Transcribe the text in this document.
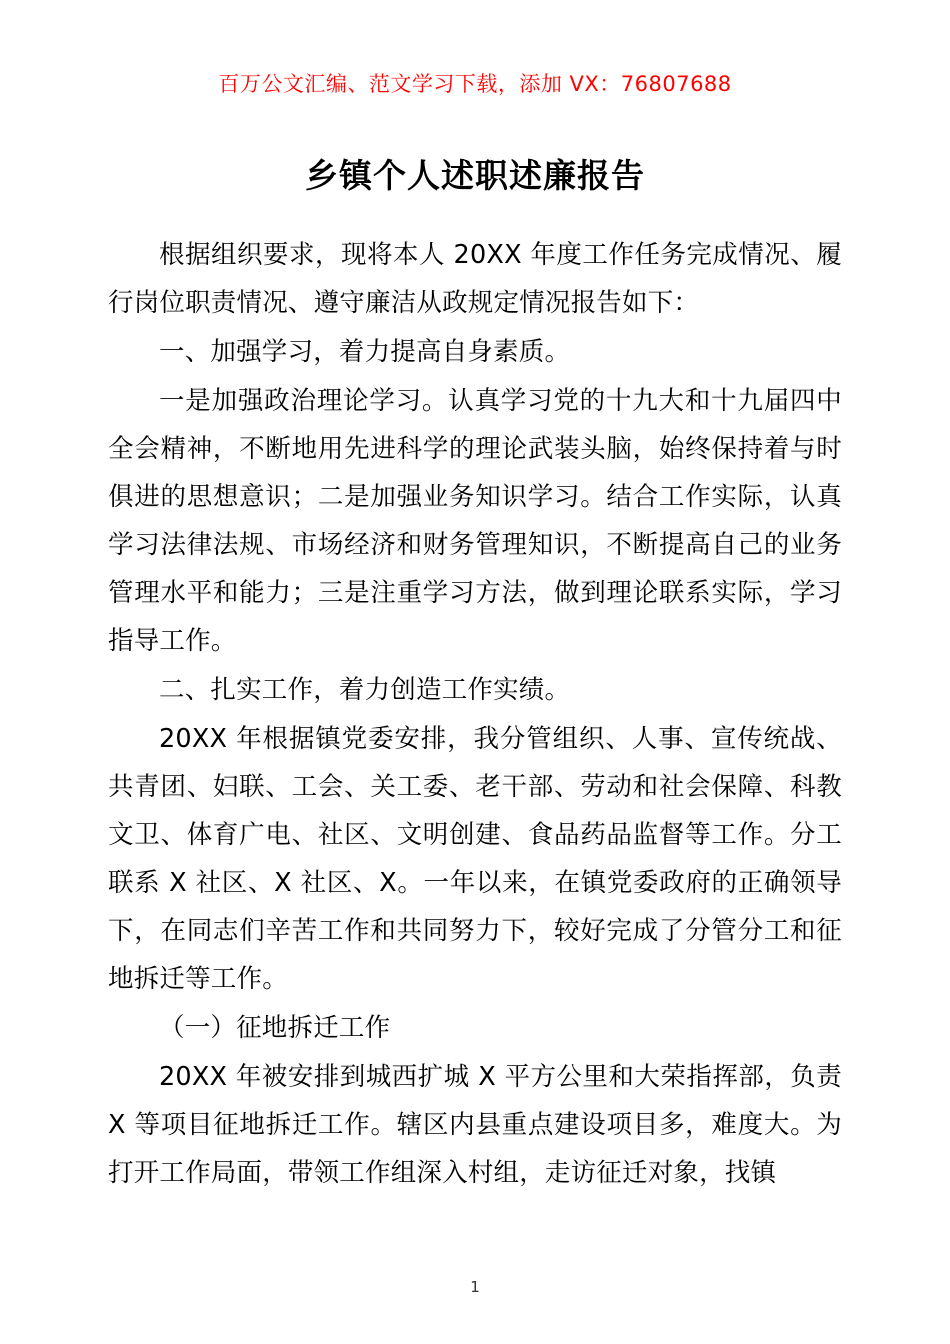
百万公文汇编、范文学习下载，添加 VX：76807688
乡镇个人述职述廉报告

根据组织要求，现将本人 20XX 年度工作任务完成情况、履行岗位职责情况、遵守廉洁从政规定情况报告如下：

一、加强学习，着力提高自身素质。

一是加强政治理论学习。认真学习党的十九大和十九届四中全会精神，不断地用先进科学的理论武装头脑，始终保持着与时俱进的思想意识；二是加强业务知识学习。结合工作实际，认真学习法律法规、市场经济和财务管理知识，不断提高自己的业务管理水平和能力；三是注重学习方法，做到理论联系实际，学习指导工作。

二、扎实工作，着力创造工作实绩。

20XX 年根据镇党委安排，我分管组织、人事、宣传统战、共青团、妇联、工会、关工委、老干部、劳动和社会保障、科教文卫、体育广电、社区、文明创建、食品药品监督等工作。分工联系 X 社区、X 社区、X。一年以来，在镇党委政府的正确领导下，在同志们辛苦工作和共同努力下，较好完成了分管分工和征地拆迁等工作。

（一）征地拆迁工作

20XX 年被安排到城西扩城 X 平方公里和大荣指挥部，负责 X 等项目征地拆迁工作。辖区内县重点建设项目多，难度大。为打开工作局面，带领工作组深入村组，走访征迁对象，找镇

1
